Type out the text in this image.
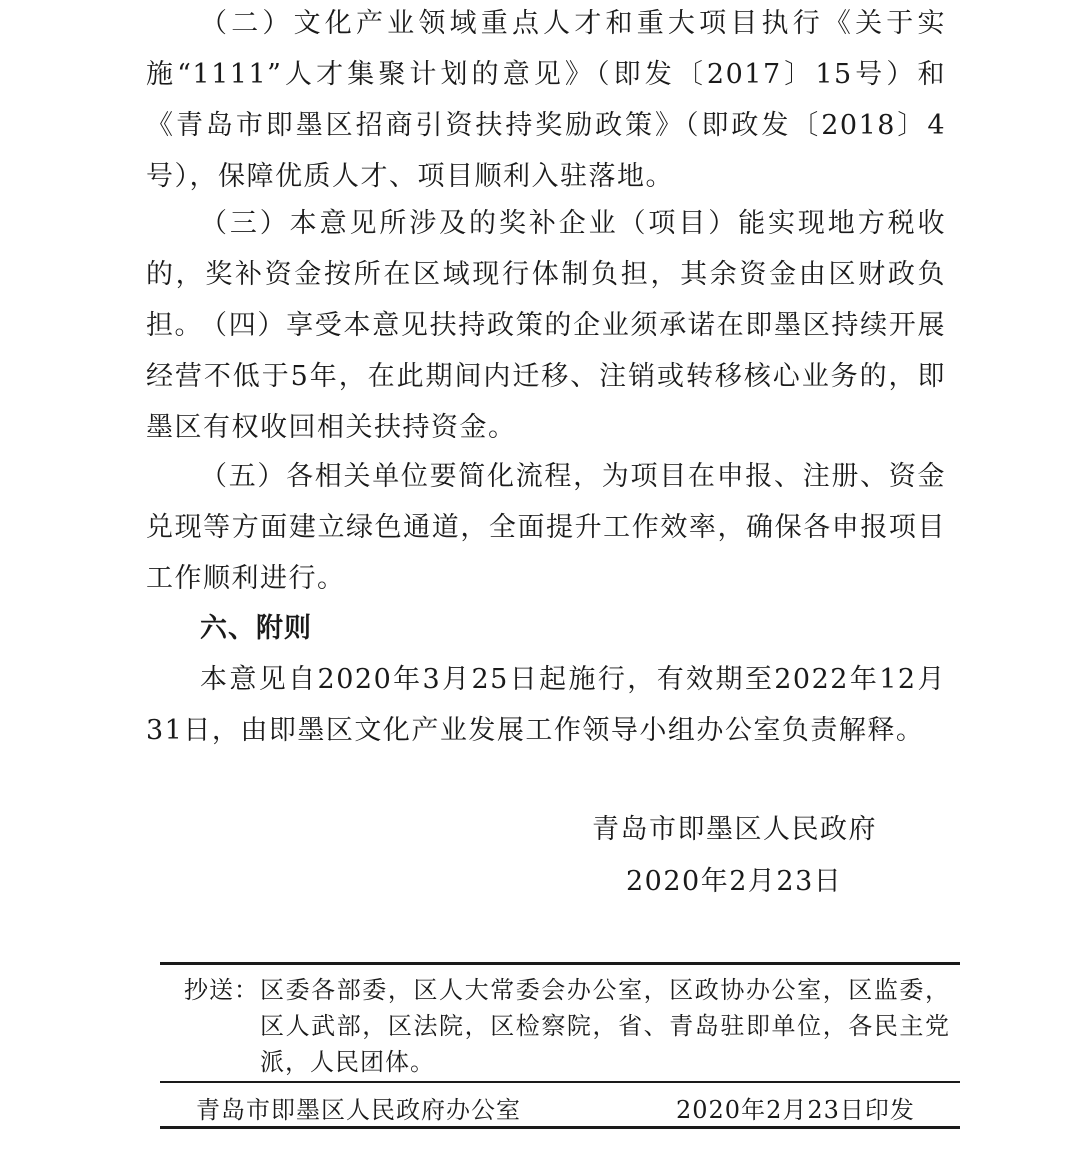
（二）文化产业领域重点人才和重大项目执行《关于实施“1111”人才集聚计划的意见》（即发〔2017〕15号）和《青岛市即墨区招商引资扶持奖励政策》（即政发〔2018〕4号），保障优质人才、项目顺利入驻落地。

（三）本意见所涉及的奖补企业（项目）能实现地方税收的，奖补资金按所在区域现行体制负担，其余资金由区财政负担。

（四）享受本意见扶持政策的企业须承诺在即墨区持续开展经营不低于5年，在此期间内迁移、注销或转移核心业务的，即墨区有权收回相关扶持资金。

（五）各相关单位要简化流程，为项目在申报、注册、资金兑现等方面建立绿色通道，全面提升工作效率，确保各申报项目工作顺利进行。

六、附则

本意见自2020年3月25日起施行，有效期至2022年12月31日，由即墨区文化产业发展工作领导小组办公室负责解释。

青岛市即墨区人民政府
2020年2月23日
抄送： 区委各部委，区人大常委会办公室，区政协办公室，区监委，区人武部，区法院，区检察院，省、青岛驻即单位，各民主党派，人民团体。
青岛市即墨区人民政府办公室	2020年2月23日印发
